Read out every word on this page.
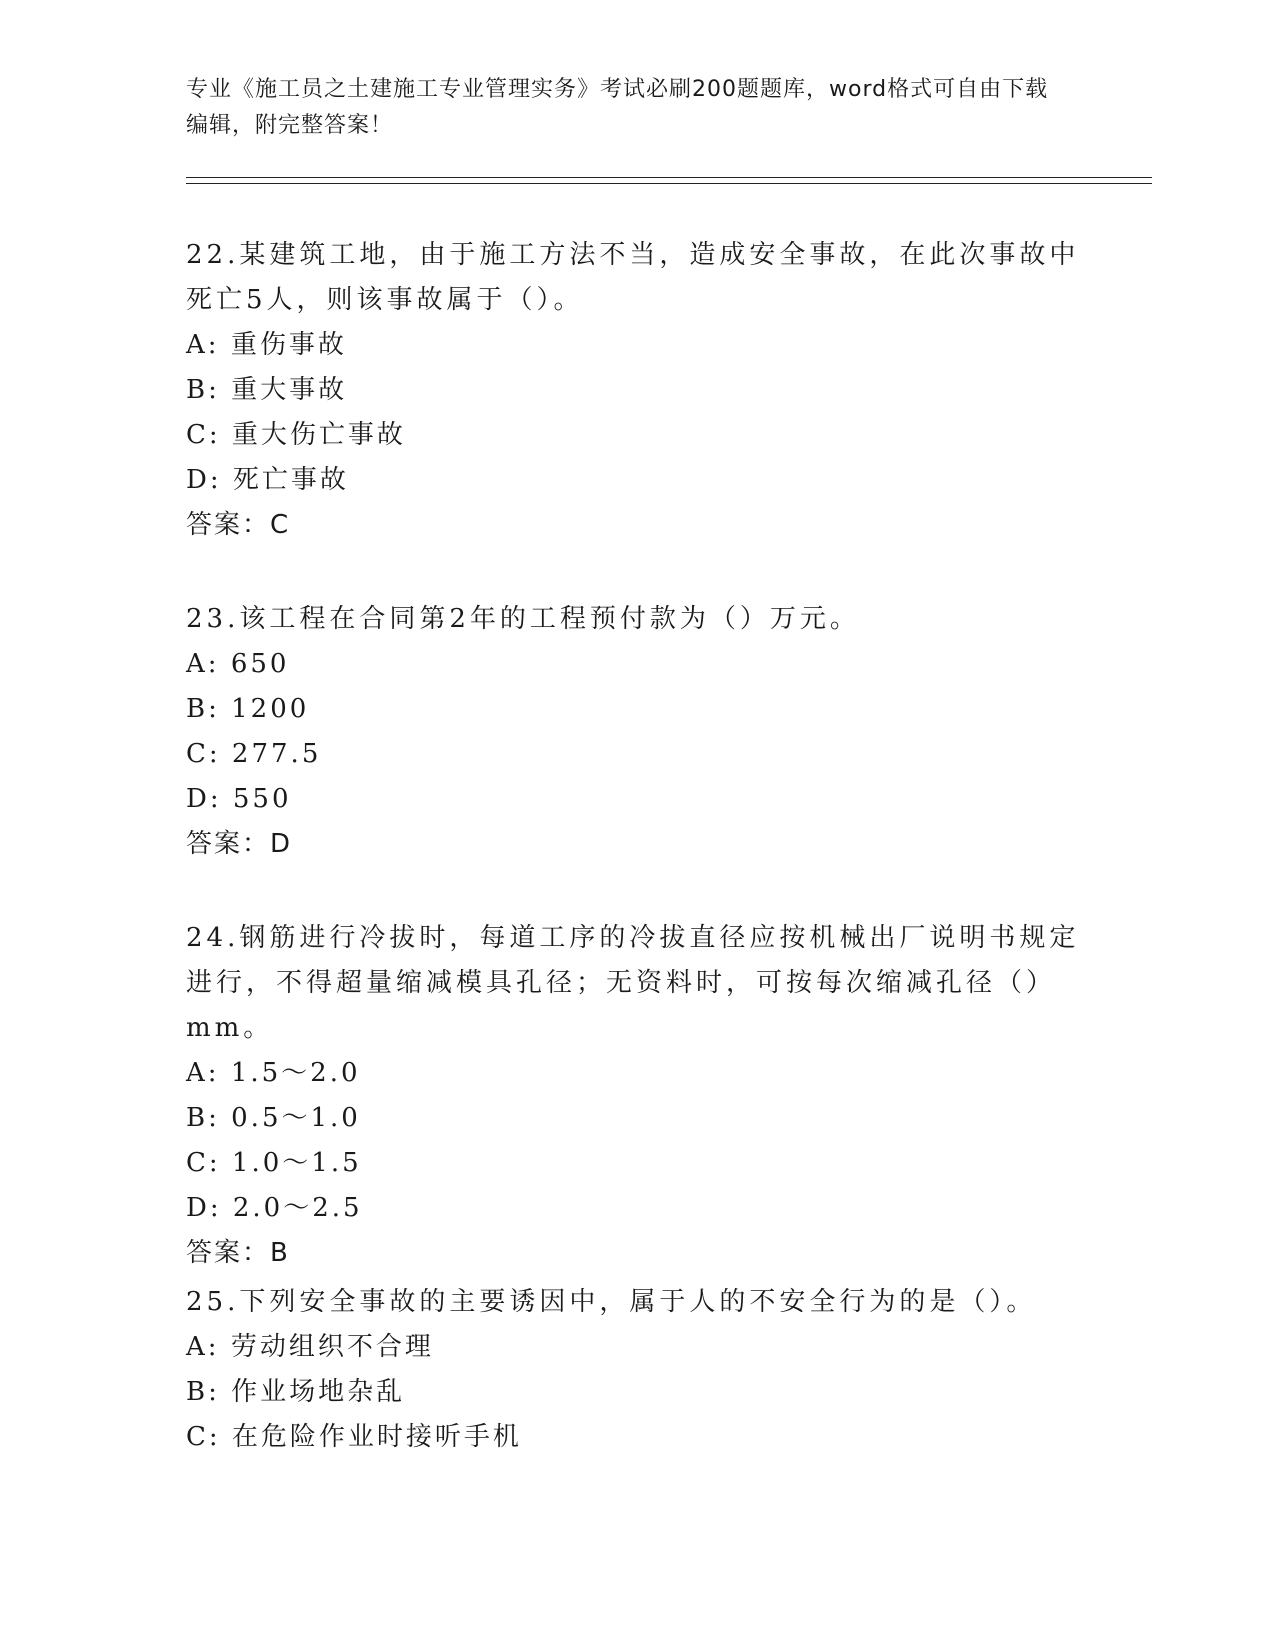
专业《施工员之土建施工专业管理实务》考试必刷200题题库，word格式可自由下载编辑，附完整答案！

22.某建筑工地，由于施工方法不当，造成安全事故，在此次事故中死亡5人，则该事故属于（）。

A: 重伤事故

B: 重大事故

C: 重大伤亡事故

D: 死亡事故

答案：C

23.该工程在合同第2年的工程预付款为（）万元。

A: 650

B: 1200

C: 277.5

D: 550

答案：D

24.钢筋进行冷拔时，每道工序的冷拔直径应按机械出厂说明书规定进行，不得超量缩减模具孔径；无资料时，可按每次缩减孔径（）mm。

A: 1.5～2.0

B: 0.5～1.0

C: 1.0～1.5

D: 2.0～2.5

答案：B

25.下列安全事故的主要诱因中，属于人的不安全行为的是（）。

A: 劳动组织不合理

B: 作业场地杂乱

C: 在危险作业时接听手机
